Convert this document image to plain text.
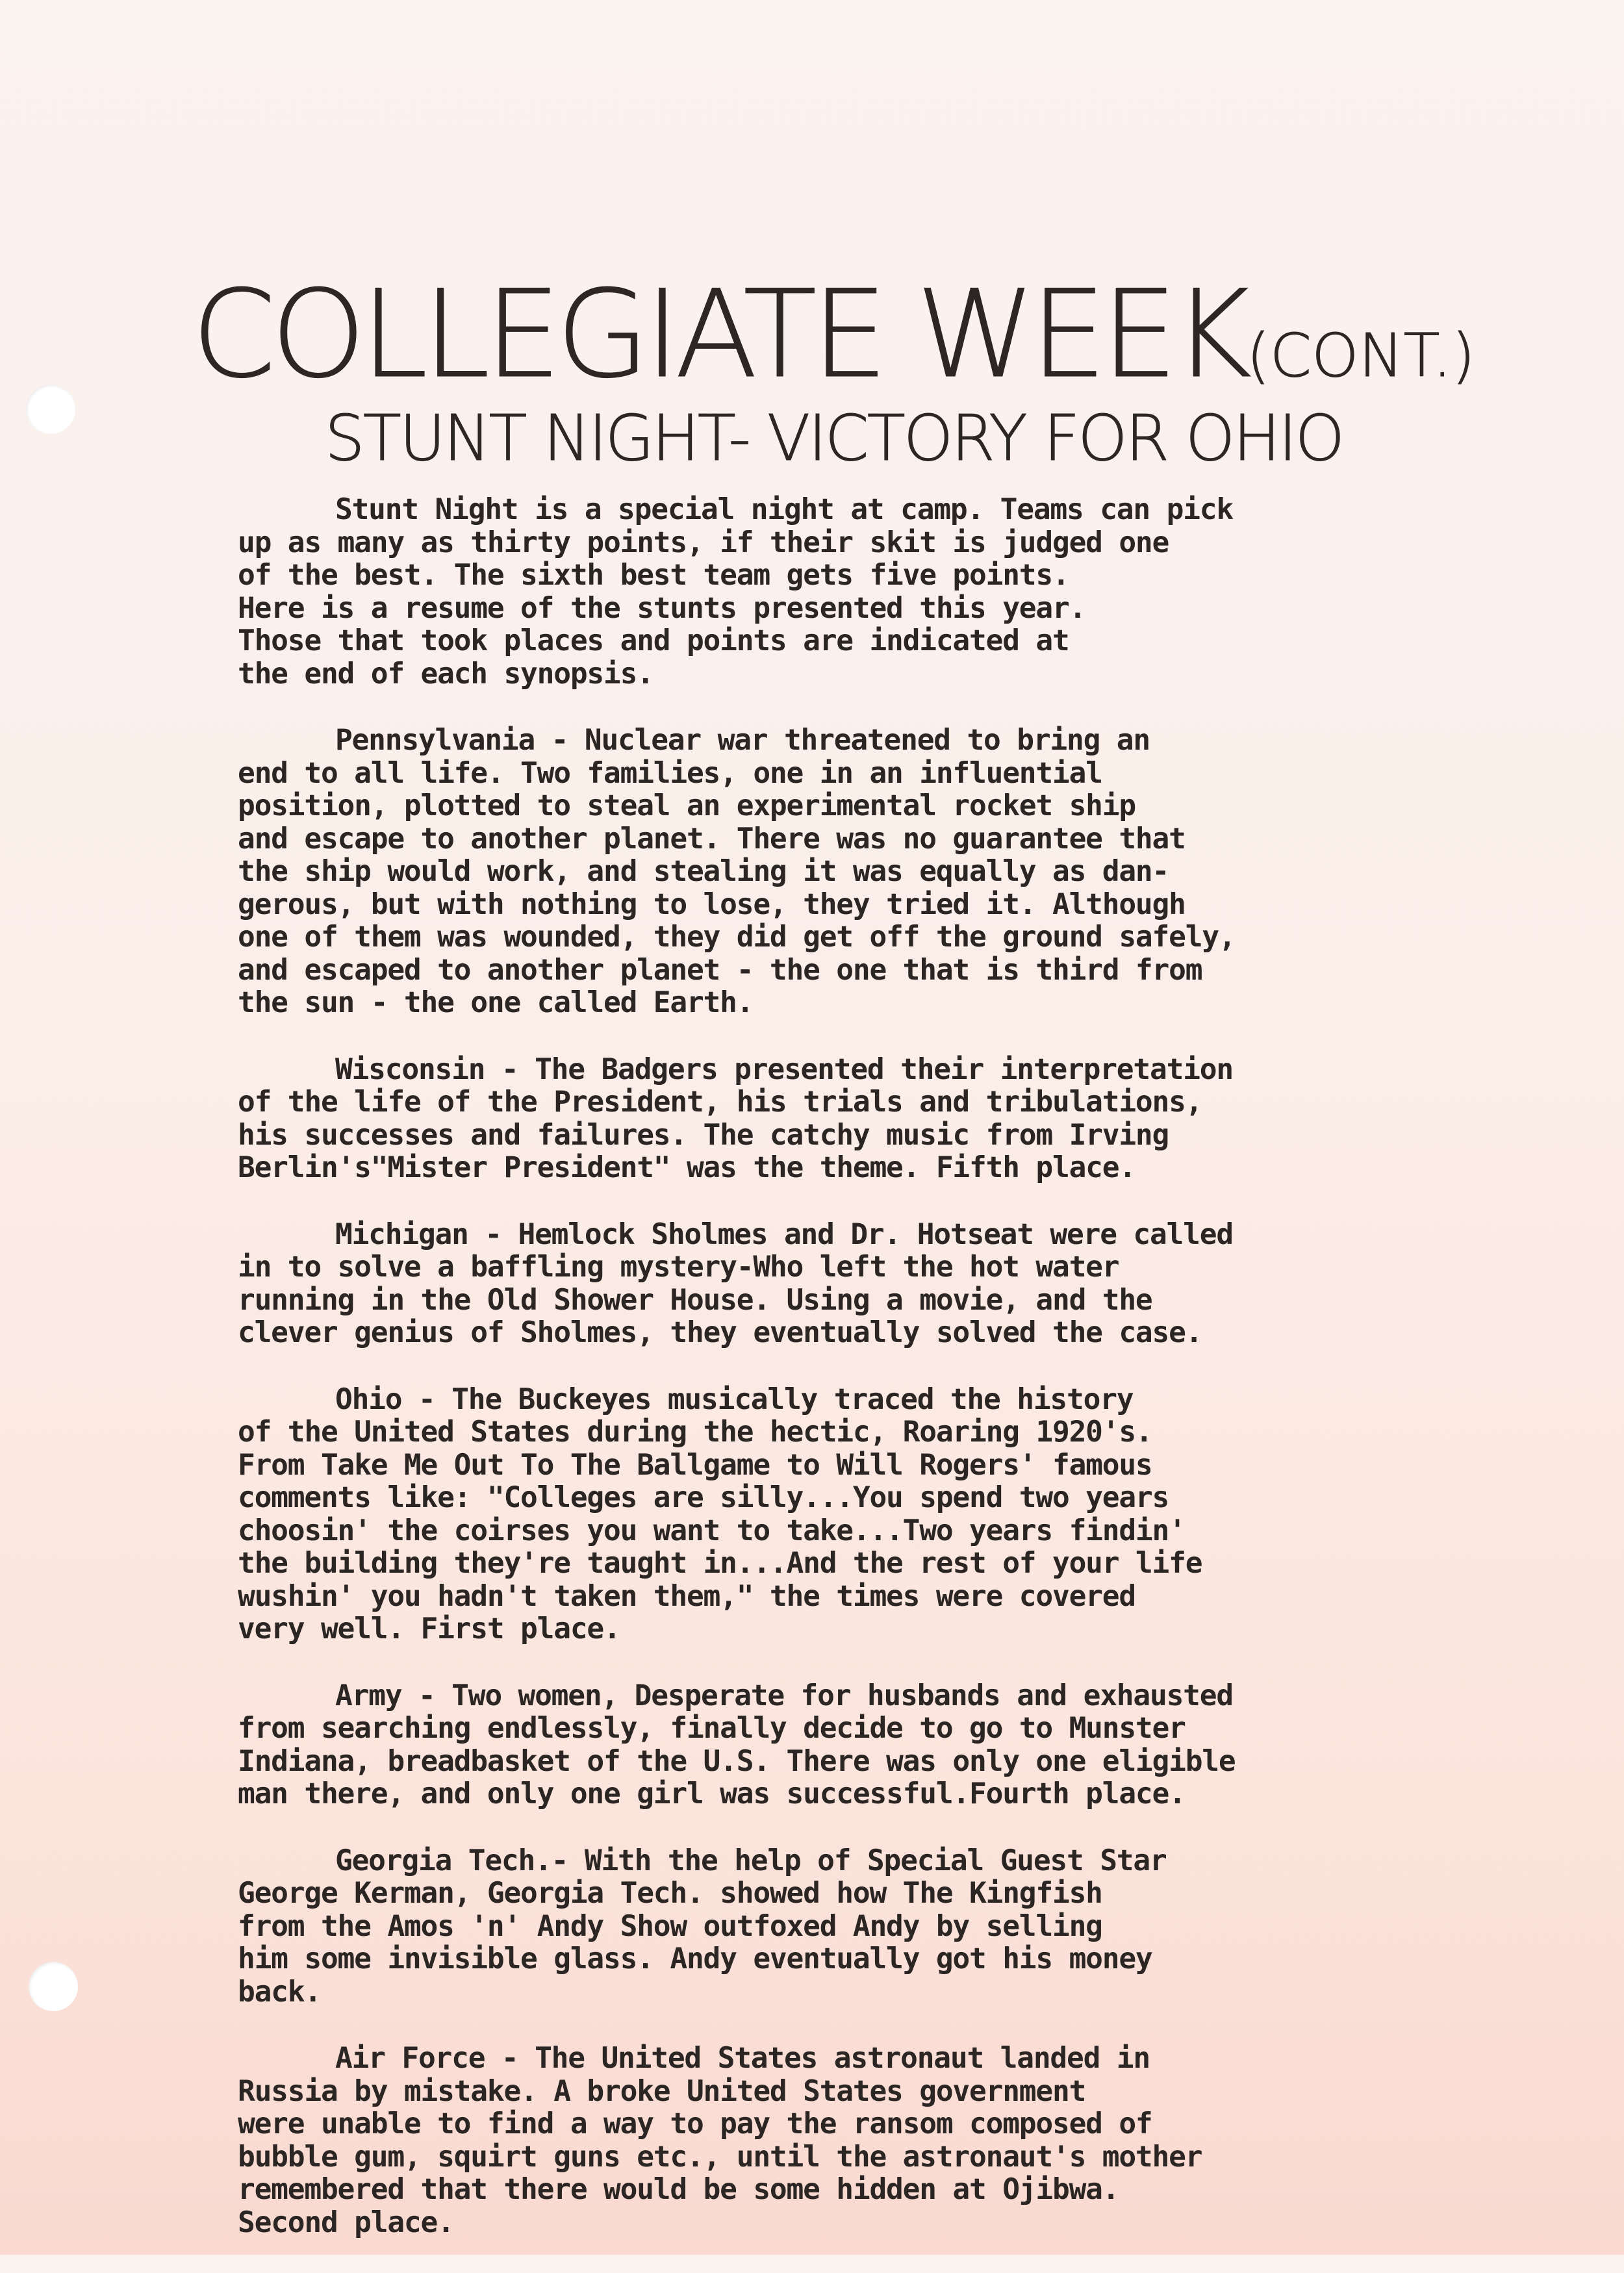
COLLEGIATE WEEK(CONT.)
STUNT NIGHT- VICTORY FOR OHIO
Stunt Night is a special night at camp. Teams can pick
up as many as thirty points, if their skit is judged one
of the best. The sixth best team gets five points.
Here is a resume of the stunts presented this year.
Those that took places and points are indicated at
the end of each synopsis.
Pennsylvania - Nuclear war threatened to bring an
end to all life. Two families, one in an influential
position, plotted to steal an experimental rocket ship
and escape to another planet. There was no guarantee that
the ship would work, and stealing it was equally as dan-
gerous, but with nothing to lose, they tried it. Although
one of them was wounded, they did get off the ground safely,
and escaped to another planet - the one that is third from
the sun - the one called Earth.
Wisconsin - The Badgers presented their interpretation
of the life of the President, his trials and tribulations,
his successes and failures. The catchy music from Irving
Berlin's"Mister President" was the theme. Fifth place.
Michigan - Hemlock Sholmes and Dr. Hotseat were called
in to solve a baffling mystery-Who left the hot water
running in the Old Shower House. Using a movie, and the
clever genius of Sholmes, they eventually solved the case.
Ohio - The Buckeyes musically traced the history
of the United States during the hectic, Roaring 1920's.
From Take Me Out To The Ballgame to Will Rogers' famous
comments like: "Colleges are silly...You spend two years
choosin' the coirses you want to take...Two years findin'
the building they're taught in...And the rest of your life
wushin' you hadn't taken them," the times were covered
very well. First place.
Army - Two women, Desperate for husbands and exhausted
from searching endlessly, finally decide to go to Munster
Indiana, breadbasket of the U.S. There was only one eligible
man there, and only one girl was successful.Fourth place.
Georgia Tech.- With the help of Special Guest Star
George Kerman, Georgia Tech. showed how The Kingfish
from the Amos 'n' Andy Show outfoxed Andy by selling
him some invisible glass. Andy eventually got his money
back.
Air Force - The United States astronaut landed in
Russia by mistake. A broke United States government
were unable to find a way to pay the ransom composed of
bubble gum, squirt guns etc., until the astronaut's mother
remembered that there would be some hidden at Ojibwa.
Second place.
